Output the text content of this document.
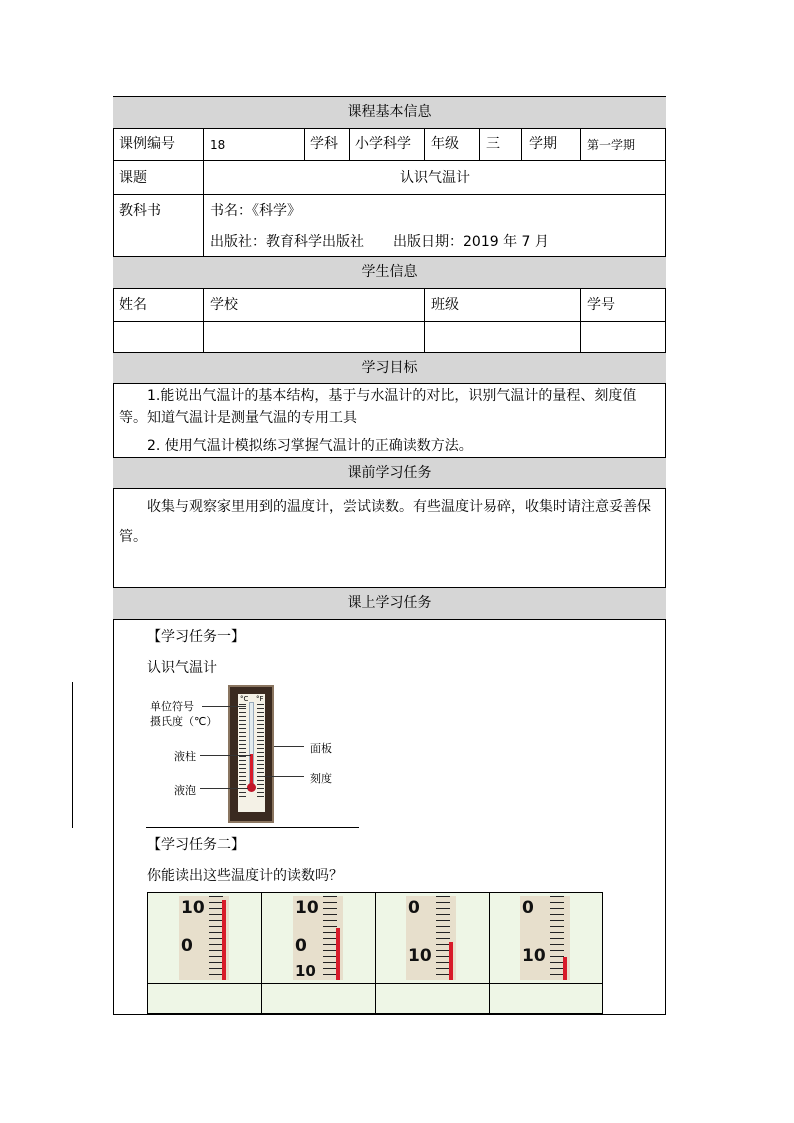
课程基本信息
课例编号	18	学科 小学科学 年级 三 学期	第一学期
课题	认识气温计
教科书	书名：《科学》
出版社：教育科学出版社 出版日期：2019 年 7 月
学生信息
姓名	学校	班级	学号
学习目标
1.能说出气温计的基本结构，基于与水温计的对比，识别气温计的量程、刻度值等。知道气温计是测量气温的专用工具
2. 使用气温计模拟练习掌握气温计的正确读数方法。
课前学习任务
收集与观察家里用到的温度计，尝试读数。有些温度计易碎，收集时请注意妥善保管。
课上学习任务
【学习任务一】
认识气温计
°C °F
单位符号
摄氏度（℃）
液柱
液泡
面板
刻度
【学习任务二】
你能读出这些温度计的读数吗？
10
0
10
0
10
0
10
0
10
